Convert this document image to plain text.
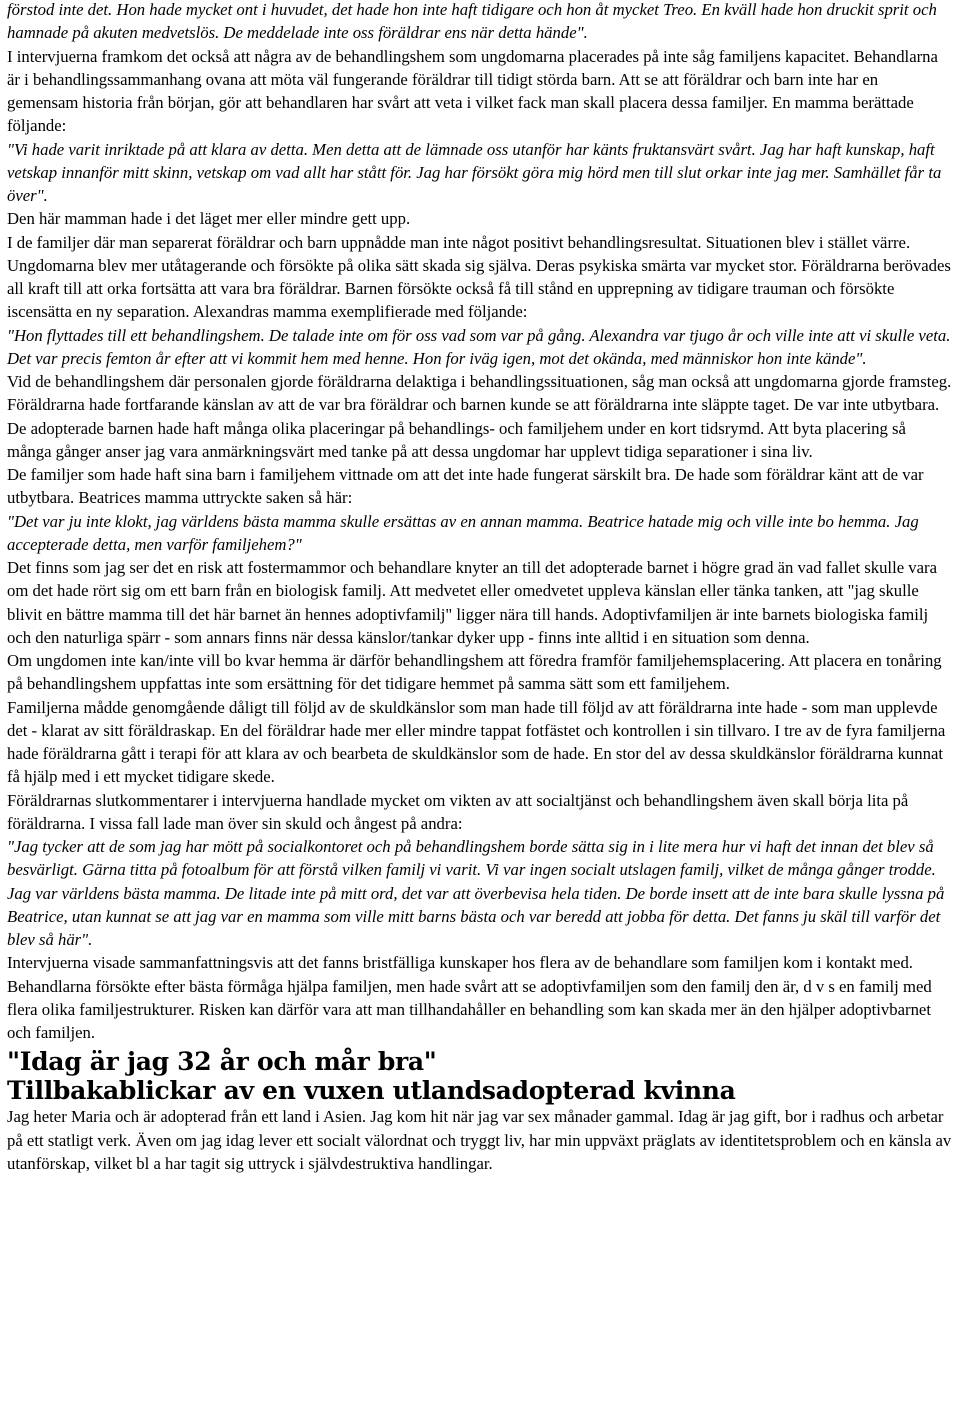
förstod inte det. Hon hade mycket ont i huvudet, det hade hon inte haft tidigare och hon åt mycket Treo. En kväll hade hon druckit sprit och hamnade på akuten medvetslös. De meddelade inte oss föräldrar ens när detta hände".

I intervjuerna framkom det också att några av de behandlingshem som ungdomarna placerades på inte såg familjens kapacitet. Behandlarna är i behandlingssammanhang ovana att möta väl fungerande föräldrar till tidigt störda barn. Att se att föräldrar och barn inte har en gemensam historia från början, gör att behandlaren har svårt att veta i vilket fack man skall placera dessa familjer. En mamma berättade följande:

"Vi hade varit inriktade på att klara av detta. Men detta att de lämnade oss utanför har känts fruktansvärt svårt. Jag har haft kunskap, haft vetskap innanför mitt skinn, vetskap om vad allt har stått för. Jag har försökt göra mig hörd men till slut orkar inte jag mer. Samhället får ta över".

Den här mamman hade i det läget mer eller mindre gett upp.

I de familjer där man separerat föräldrar och barn uppnådde man inte något positivt behandlingsresultat. Situationen blev i stället värre. Ungdomarna blev mer utåtagerande och försökte på olika sätt skada sig själva. Deras psykiska smärta var mycket stor. Föräldrarna berövades all kraft till att orka fortsätta att vara bra föräldrar. Barnen försökte också få till stånd en upprepning av tidigare trauman och försökte iscensätta en ny separation. Alexandras mamma exemplifierade med följande:

"Hon flyttades till ett behandlingshem. De talade inte om för oss vad som var på gång. Alexandra var tjugo år och ville inte att vi skulle veta. Det var precis femton år efter att vi kommit hem med henne. Hon for iväg igen, mot det okända, med människor hon inte kände".

Vid de behandlingshem där personalen gjorde föräldrarna delaktiga i behandlingssituationen, såg man också att ungdomarna gjorde framsteg. Föräldrarna hade fortfarande känslan av att de var bra föräldrar och barnen kunde se att föräldrarna inte släppte taget. De var inte utbytbara.

De adopterade barnen hade haft många olika placeringar på behandlings- och familjehem under en kort tidsrymd. Att byta placering så många gånger anser jag vara anmärkningsvärt med tanke på att dessa ungdomar har upplevt tidiga separationer i sina liv.

De familjer som hade haft sina barn i familjehem vittnade om att det inte hade fungerat särskilt bra. De hade som föräldrar känt att de var utbytbara. Beatrices mamma uttryckte saken så här:

"Det var ju inte klokt, jag världens bästa mamma skulle ersättas av en annan mamma. Beatrice hatade mig och ville inte bo hemma. Jag accepterade detta, men varför familjehem?"

Det finns som jag ser det en risk att fostermammor och behandlare knyter an till det adopterade barnet i högre grad än vad fallet skulle vara om det hade rört sig om ett barn från en biologisk familj. Att medvetet eller omedvetet uppleva känslan eller tänka tanken, att "jag skulle blivit en bättre mamma till det här barnet än hennes adoptivfamilj" ligger nära till hands. Adoptivfamiljen är inte barnets biologiska familj och den naturliga spärr - som annars finns när dessa känslor/tankar dyker upp - finns inte alltid i en situation som denna.

Om ungdomen inte kan/inte vill bo kvar hemma är därför behandlingshem att föredra framför familjehemsplacering. Att placera en tonåring på behandlingshem uppfattas inte som ersättning för det tidigare hemmet på samma sätt som ett familjehem.

Familjerna mådde genomgående dåligt till följd av de skuldkänslor som man hade till följd av att föräldrarna inte hade - som man upplevde det - klarat av sitt föräldraskap. En del föräldrar hade mer eller mindre tappat fotfästet och kontrollen i sin tillvaro. I tre av de fyra familjerna hade föräldrarna gått i terapi för att klara av och bearbeta de skuldkänslor som de hade. En stor del av dessa skuldkänslor föräldrarna kunnat få hjälp med i ett mycket tidigare skede.

Föräldrarnas slutkommentarer i intervjuerna handlade mycket om vikten av att socialtjänst och behandlingshem även skall börja lita på föräldrarna. I vissa fall lade man över sin skuld och ångest på andra:

"Jag tycker att de som jag har mött på socialkontoret och på behandlingshem borde sätta sig in i lite mera hur vi haft det innan det blev så besvärligt. Gärna titta på fotoalbum för att förstå vilken familj vi varit. Vi var ingen socialt utslagen familj, vilket de många gånger trodde. Jag var världens bästa mamma. De litade inte på mitt ord, det var att överbevisa hela tiden. De borde insett att de inte bara skulle lyssna på Beatrice, utan kunnat se att jag var en mamma som ville mitt barns bästa och var beredd att jobba för detta. Det fanns ju skäl till varför det blev så här".

Intervjuerna visade sammanfattningsvis att det fanns bristfälliga kunskaper hos flera av de behandlare som familjen kom i kontakt med. Behandlarna försökte efter bästa förmåga hjälpa familjen, men hade svårt att se adoptivfamiljen som den familj den är, d v s en familj med flera olika familjestrukturer. Risken kan därför vara att man tillhandahåller en behandling som kan skada mer än den hjälper adoptivbarnet och familjen.

"Idag är jag 32 år och mår bra"
Tillbakablickar av en vuxen utlandsadopterad kvinna

Jag heter Maria och är adopterad från ett land i Asien. Jag kom hit när jag var sex månader gammal. Idag är jag gift, bor i radhus och arbetar på ett statligt verk. Även om jag idag lever ett socialt välordnat och tryggt liv, har min uppväxt präglats av identitetsproblem och en känsla av utanförskap, vilket bl a har tagit sig uttryck i självdestruktiva handlingar.
